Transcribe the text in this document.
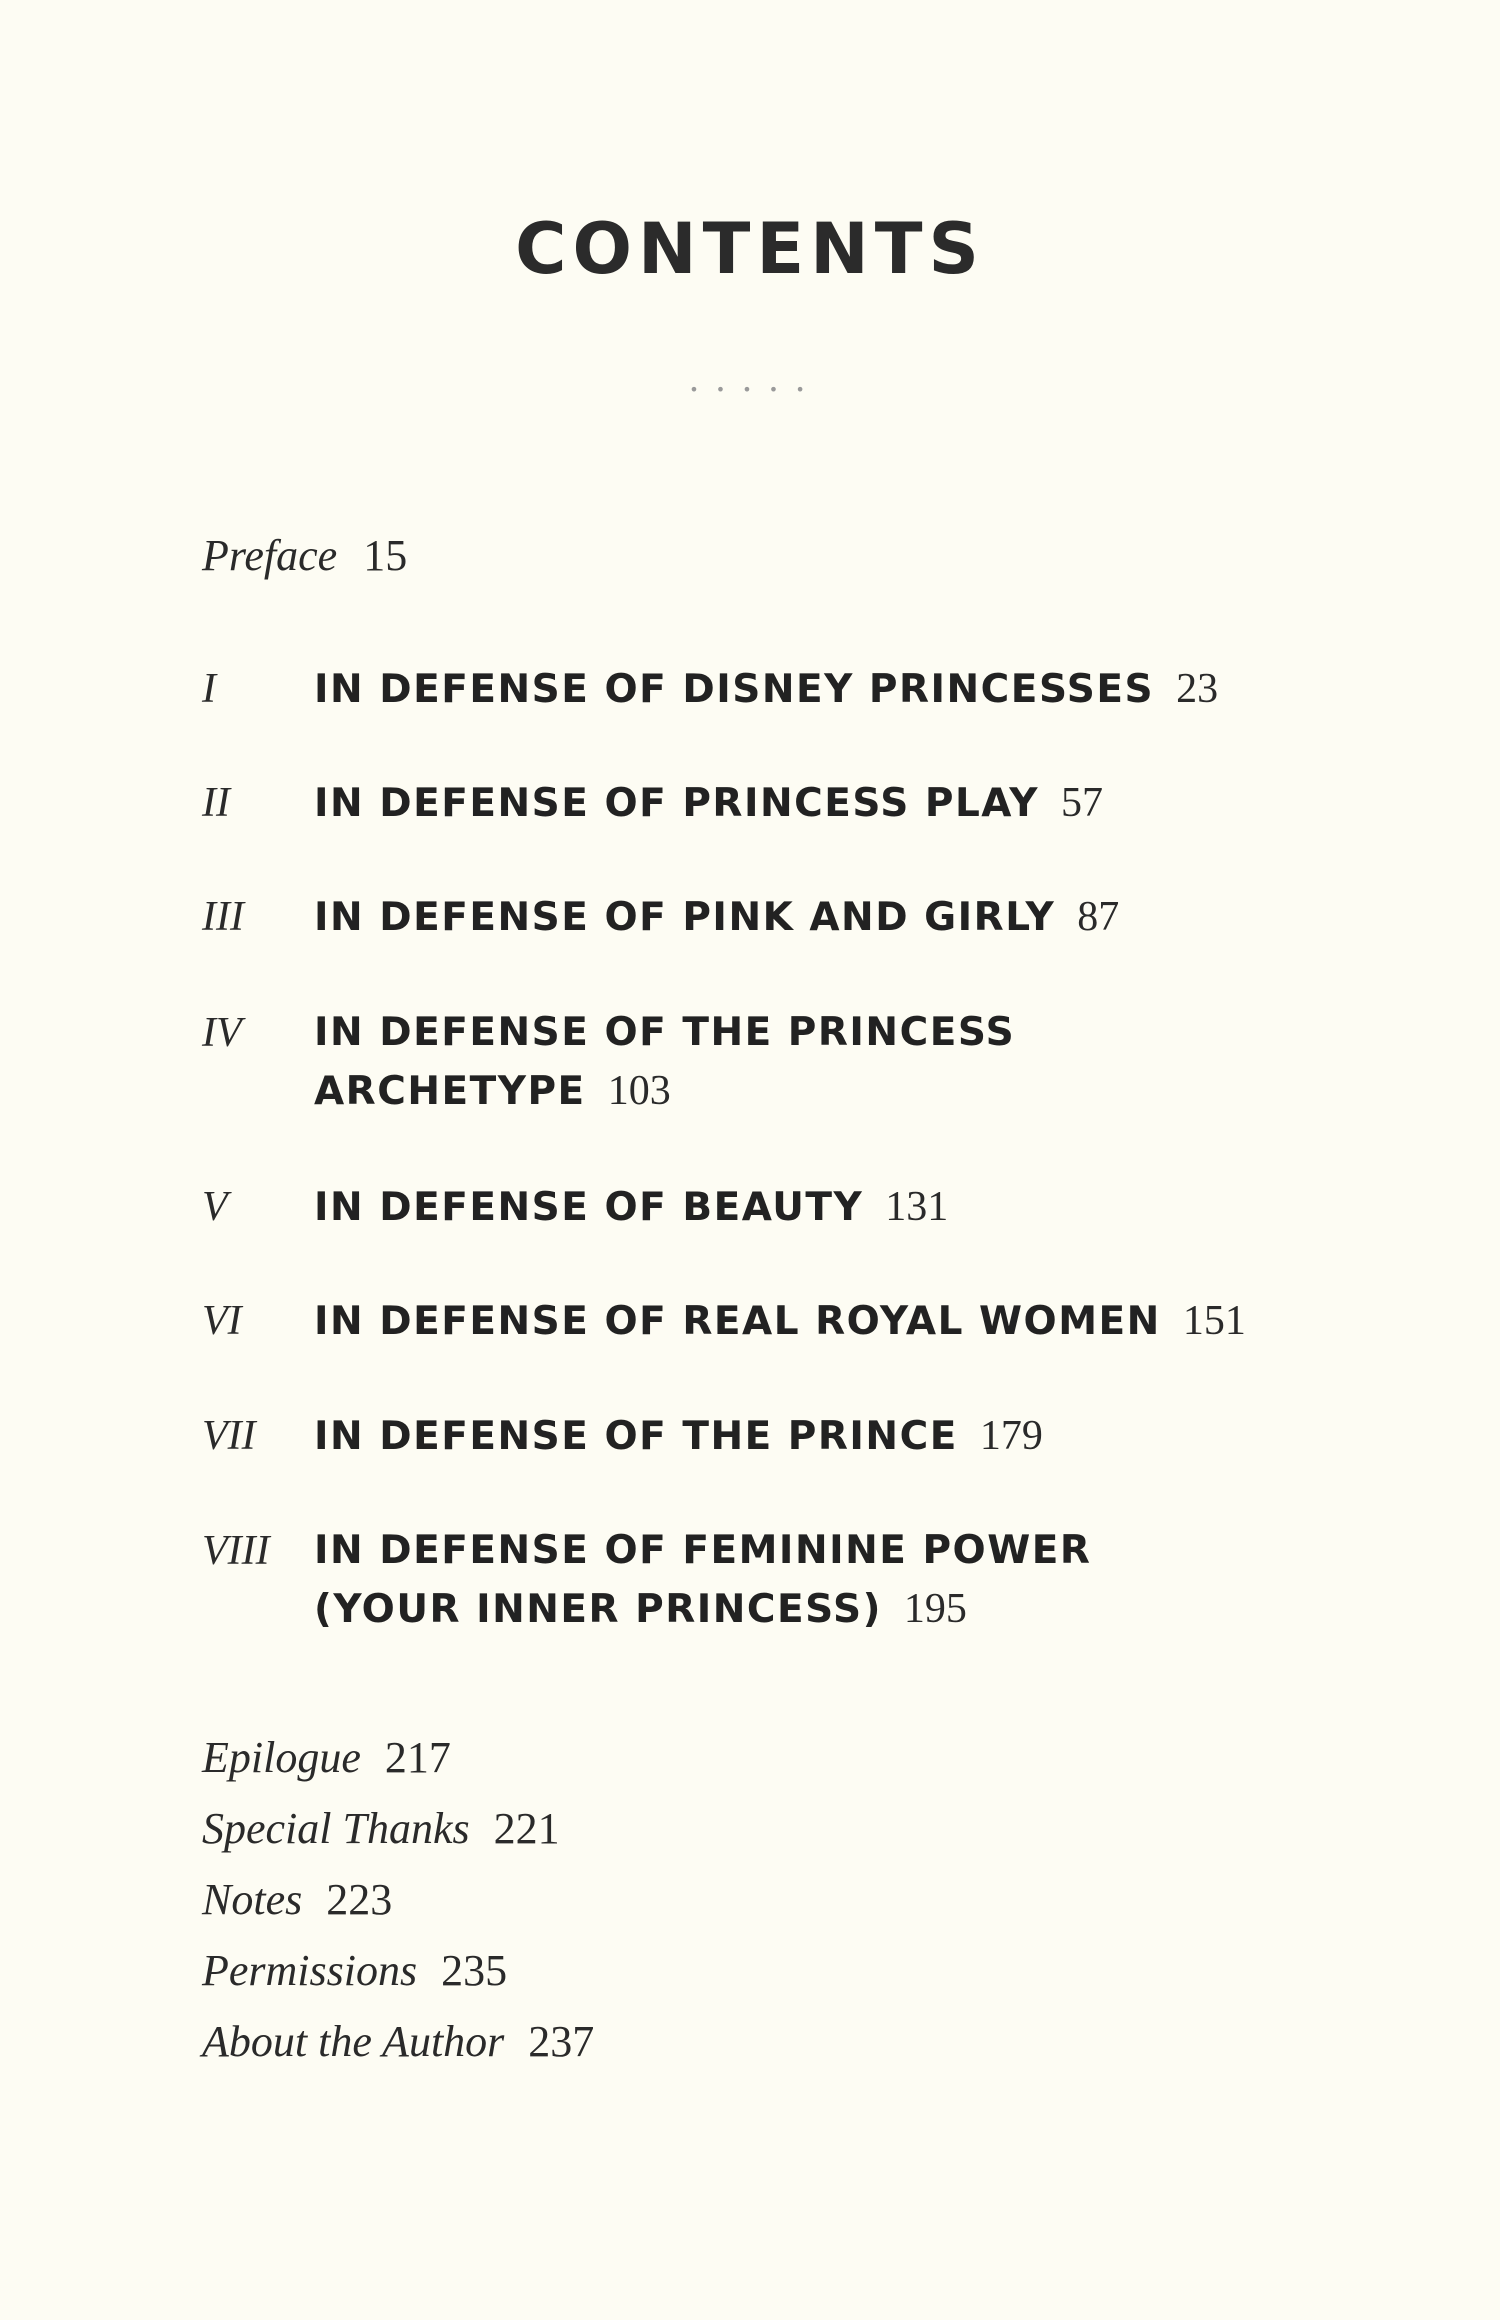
CONTENTS
• • • • •
Preface 15
I	IN DEFENSE OF DISNEY PRINCESSES 23
II IN DEFENSE OF PRINCESS PLAY 57
III IN DEFENSE OF PINK AND GIRLY 87
IV IN DEFENSE OF THE PRINCESS
ARCHETYPE 103
V IN DEFENSE OF BEAUTY 131
VI IN DEFENSE OF REAL ROYAL WOMEN 151
VII IN DEFENSE OF THE PRINCE 179
VIII IN DEFENSE OF FEMININE POWER
(YOUR INNER PRINCESS) 195
Epilogue 217
Special Thanks 221
Notes 223
Permissions 235
About the Author 237
